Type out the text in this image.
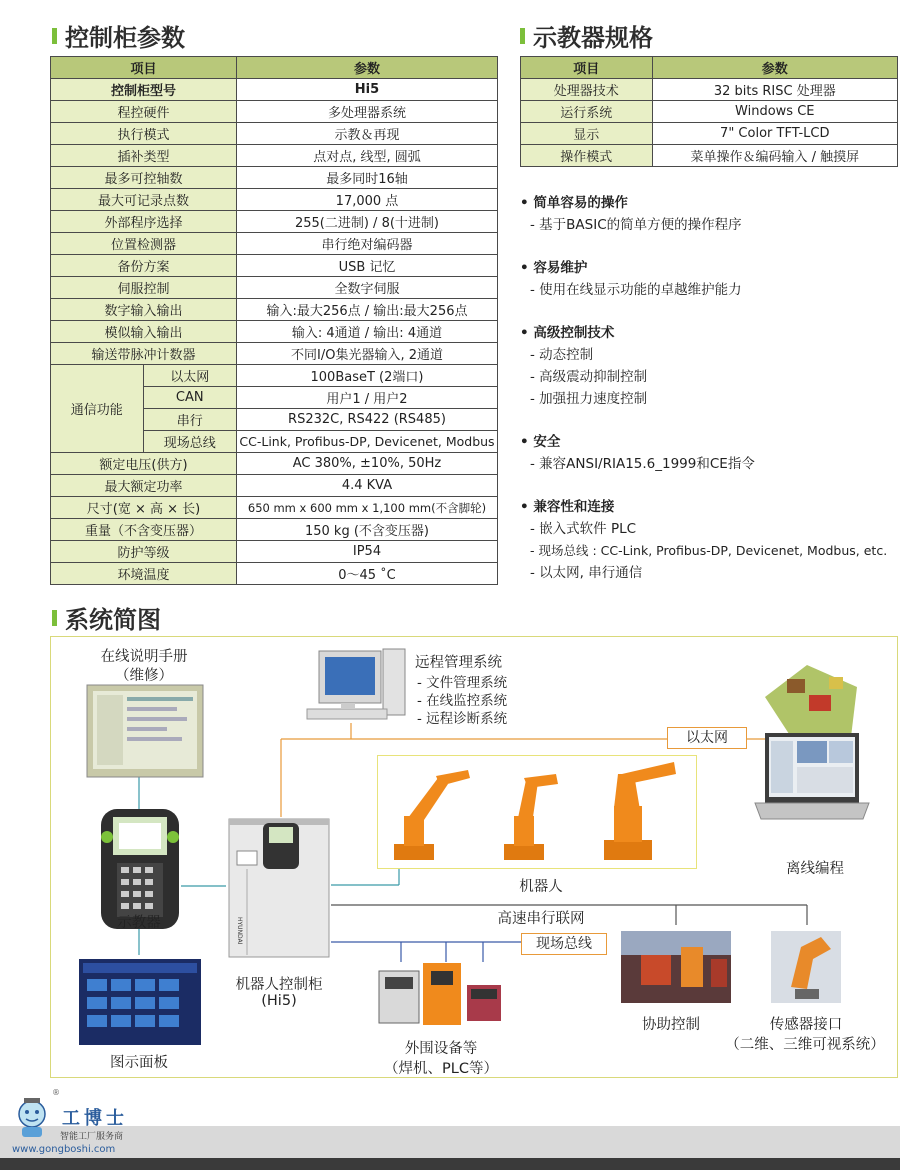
控制柜参数	示教器规格
项目		参数
控制柜型号		Hi5
程控硬件		多处理器系统
执行模式		示教＆再现
插补类型		点对点, 线型, 圆弧
最多可控轴数		最多同时16轴
最大可记录点数		17,000 点
外部程序选择		255(二进制) / 8(十进制)
位置检测器		串行绝对编码器
备份方案		USB 记忆
伺服控制		全数字伺服
数字输入输出		输入:最大256点 / 输出:最大256点
模似输入输出		输入: 4通道 / 输出: 4通道
输送带脉冲计数器		不同I/O集光器输入, 2通道
通信功能	以太网	100BaseT (2端口)
	CAN	用户1 / 用户2
	串行	RS232C, RS422 (RS485)
	现场总线	CC-Link, Profibus-DP, Devicenet, Modbus
额定电压(供方)		AC 380%, ±10%, 50Hz
最大额定功率		4.4 KVA
尺寸(宽 × 高 × 长)		650 mm x 600 mm x 1,100 mm(不含脚轮)
重量（不含变压器）		150 kg (不含变压器)
防护等级		IP54
环境温度		0～45 ˚C
项目	参数
处理器技术	32 bits RISC 处理器
运行系统	Windows CE
显示	7" Color TFT-LCD
操作模式	菜单操作＆编码输入 / 触摸屏
• 简单容易的操作
- 基于BASIC的简单方便的操作程序
• 容易维护
- 使用在线显示功能的卓越维护能力
• 高级控制技术
- 动态控制
- 高级震动抑制控制
- 加强扭力速度控制
• 安全
- 兼容ANSI/RIA15.6_1999和CE指令
• 兼容性和连接
- 嵌入式软件 PLC
- 现场总线 : CC-Link, Profibus-DP, Devicenet, Modbus, etc.
- 以太网, 串行通信
系统简图
HYUNDAI
在线说明手册
（维修）
远程管理系统
- 文件管理系统
- 在线监控系统
- 远程诊断系统
以太网
机器人
离线编程
示教器
机器人控制柜
(Hi5)
高速串行联网
现场总线
图示面板
外围设备等
（焊机、PLC等）
协助控制	传感器接口
（二维、三维可视系统）
®
工博士
智能工厂服务商
www.gongboshi.com
